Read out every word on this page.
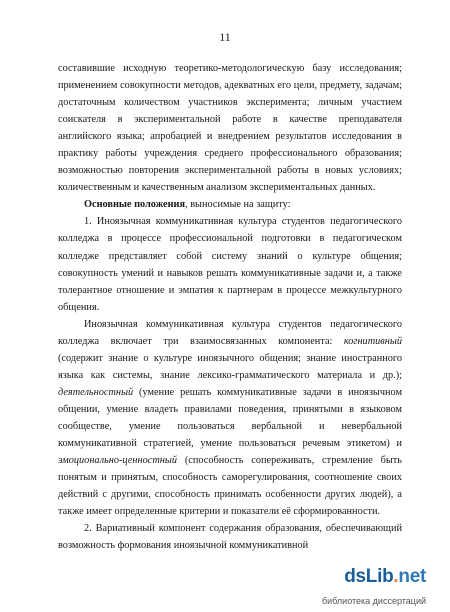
11

составившие исходную теоретико-методологическую базу исследования; применением совокупности методов, адекватных его цели, предмету, задачам; достаточным количеством участников эксперимента; личным участием соискателя в экспериментальной работе в качестве преподавателя английского языка; апробацией и внедрением результатов исследования в практику работы учреждения среднего профессионального образования; возможностью повторения экспериментальной работы в новых условиях; количественным и качественным анализом экспериментальных данных.

Основные положения, выносимые на защиту:

1. Иноязычная коммуникативная культура студентов педагогического колледжа в процессе профессиональной подготовки в педагогическом колледже представляет собой систему знаний о культуре общения; совокупность умений и навыков решать коммуникативные задачи и, а также толерантное отношение и эмпатия к партнерам в процессе межкультурного общения.

Иноязычная коммуникативная культура студентов педагогического колледжа включает три взаимосвязанных компонента: когнитивный (содержит знание о культуре иноязычного общения; знание иностранного языка как системы, знание лексико-грамматического материала и др.); деятельностный (умение решать коммуникативные задачи в иноязычном общении, умение владеть правилами поведения, принятыми в языковом сообществе, умение пользоваться вербальной и невербальной коммуникативной стратегией, умение пользоваться речевым этикетом) и эмоционально-ценностный (способность сопереживать, стремление быть понятым и принятым, способность саморегулирования, соотношение своих действий с другими, способность принимать особенности других людей), а также имеет определенные критерии и показатели её сформированности.

2. Вариативный компонент содержания образования, обеспечивающий возможность формования иноязычной коммуникативной

dsLib.net
библиотека диссертаций
